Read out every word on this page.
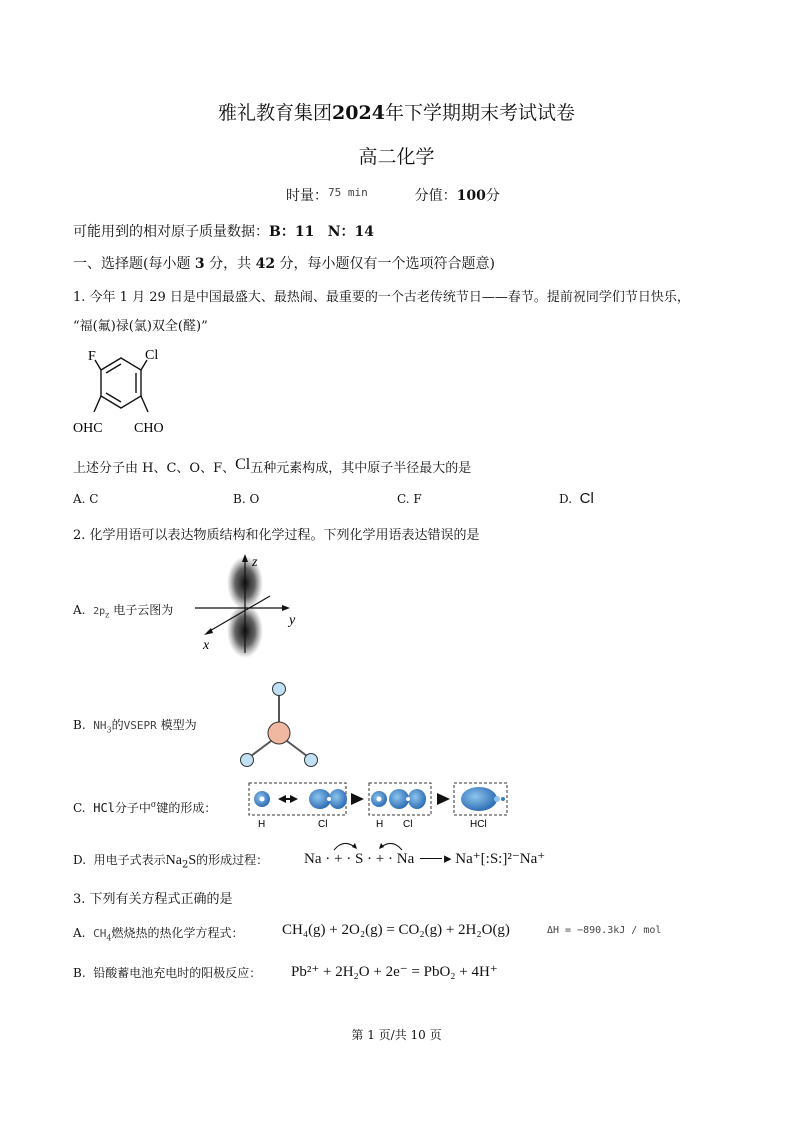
雅礼教育集团2024年下学期期末考试试卷
高二化学
时量：$^{75 min}$	分值：100分
可能用到的相对原子质量数据：B：11 N：14
一、选择题(每小题 3 分，共 42 分，每小题仅有一个选项符合题意)
1. 今年 1 月 29 日是中国最盛大、最热闹、最重要的一个古老传统节日——春节。提前祝同学们节日快乐，
“福(氟)禄(氯)双全(醛)”
F	Cl
OHC CHO
上述分子由 H、C、O、F、Cl五种元素构成，其中原子半径最大的是
A. C	B. O	C. F	D. Cl
2. 化学用语可以表达物质结构和化学过程。下列化学用语表达错误的是
A. $2p_z$ 电子云图为
z
y
x
B. $NH_3$的VSEPR 模型为
C. HCl分子中$^\sigma$键的形成：
H	Cl	H Cl	HCl
D. 用电子式表示$Na_2S$的形成过程： Na · + · S · + · Na ▸ Na⁺[:S:]²⁻Na⁺
3. 下列有关方程式正确的是
A. $CH_4$燃烧热的热化学方程式：	CH₄(g) + 2O₂(g) = CO₂(g) + 2H₂O(g)	ΔH = −890.3kJ / mol
B. 铅酸蓄电池充电时的阳极反应： Pb²⁺ + 2H₂O + 2e⁻ = PbO₂ + 4H⁺
第 1 页/共 10 页
